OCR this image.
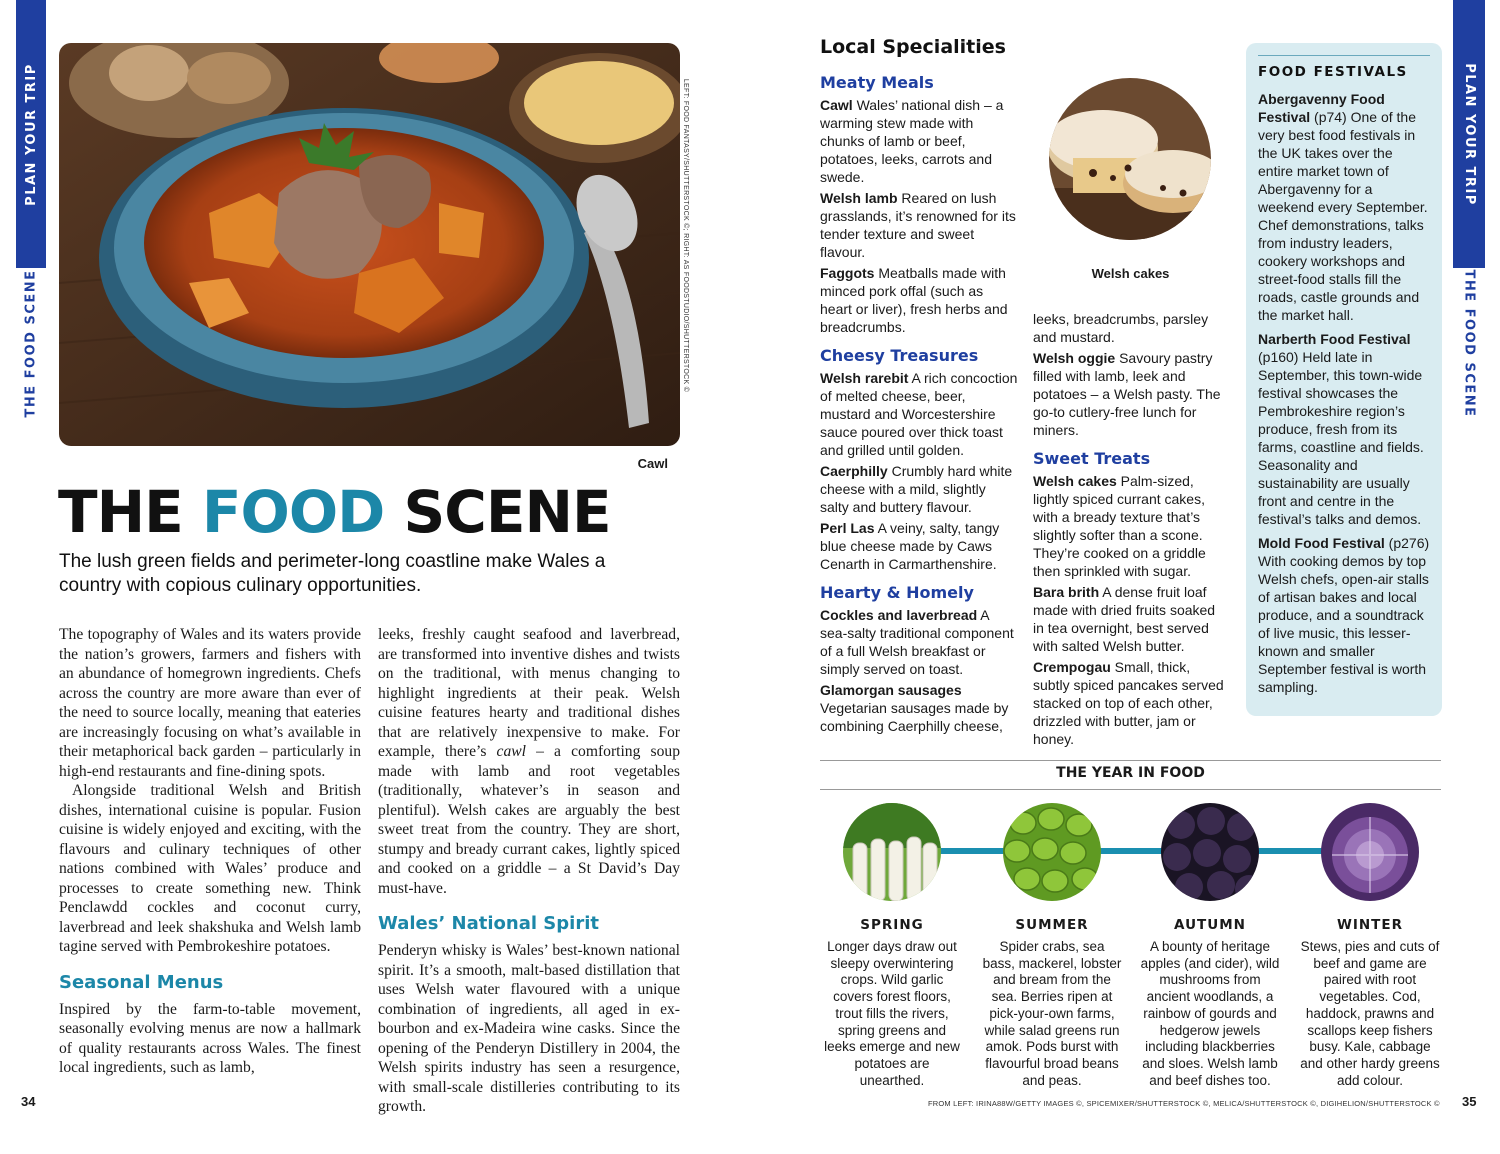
PLAN YOUR TRIP
THE FOOD SCENE
PLAN YOUR TRIP
THE FOOD SCENE
LEFT: FOOD FANTASY/SHUTTERSTOCK ©; RIGHT: AS FOODSTUDIO/SHUTTERSTOCK ©
Cawl
THE FOOD SCENE
The lush green fields and perimeter-long coastline make Wales a country with copious culinary opportunities.

The topography of Wales and its waters provide the nation’s growers, farmers and fishers with an abundance of homegrown ingredients. Chefs across the country are more aware than ever of the need to source locally, meaning that eateries are increasingly focusing on what’s available in their metaphorical back garden – particularly in high-end restaurants and fine-dining spots.

Alongside traditional Welsh and British dishes, international cuisine is popular. Fusion cuisine is widely enjoyed and exciting, with the flavours and culinary techniques of other nations combined with Wales’ produce and processes to create something new. Think Penclawdd cockles and coconut curry, laverbread and leek shakshuka and Welsh lamb tagine served with Pembrokeshire potatoes.

Seasonal Menus

Inspired by the farm-to-table movement, seasonally evolving menus are now a hallmark of quality restaurants across Wales. The finest local ingredients, such as lamb,

leeks, freshly caught seafood and laverbread, are transformed into inventive dishes and twists on the traditional, with menus changing to highlight ingredients at their peak. Welsh cuisine features hearty and traditional dishes that are relatively inexpensive to make. For example, there’s cawl – a comforting soup made with lamb and root vegetables (traditionally, whatever’s in season and plentiful). Welsh cakes are arguably the best sweet treat from the country. They are short, stumpy and bready currant cakes, lightly spiced and cooked on a griddle – a St David’s Day must-have.

Wales’ National Spirit

Penderyn whisky is Wales’ best-known national spirit. It’s a smooth, malt-based distillation that uses Welsh water flavoured with a unique combination of ingredients, all aged in ex-bourbon and ex-Madeira wine casks. Since the opening of the Penderyn Distillery in 2004, the Welsh spirits industry has seen a resurgence, with small-scale distilleries contributing to its growth.

34
Local Specialities
Meaty Meals
Cawl Wales’ national dish – a warming stew made with chunks of lamb or beef, potatoes, leeks, carrots and swede.
Welsh lamb Reared on lush grasslands, it’s renowned for its tender texture and sweet flavour.
Faggots Meatballs made with minced pork offal (such as heart or liver), fresh herbs and breadcrumbs.
Cheesy Treasures
Welsh rarebit A rich concoction of melted cheese, beer, mustard and Worcestershire sauce poured over thick toast and grilled until golden.
Caerphilly Crumbly hard white cheese with a mild, slightly salty and buttery flavour.
Perl Las A veiny, salty, tangy blue cheese made by Caws Cenarth in Carmarthenshire.
Hearty & Homely
Cockles and laverbread A sea-salty traditional component of a full Welsh breakfast or simply served on toast.
Glamorgan sausages Vegetarian sausages made by combining Caerphilly cheese,
Welsh cakes
leeks, breadcrumbs, parsley and mustard.
Welsh oggie Savoury pastry filled with lamb, leek and potatoes – a Welsh pasty. The go-to cutlery-free lunch for miners.
Sweet Treats
Welsh cakes Palm-sized, lightly spiced currant cakes, with a bready texture that’s slightly softer than a scone. They’re cooked on a griddle then sprinkled with sugar.
Bara brith A dense fruit loaf made with dried fruits soaked in tea overnight, best served with salted Welsh butter.
Crempogau Small, thick, subtly spiced pancakes served stacked on top of each other, drizzled with butter, jam or honey.
FOOD FESTIVALS
Abergavenny Food Festival (p74) One of the very best food festivals in the UK takes over the entire market town of Abergavenny for a weekend every September. Chef demonstrations, talks from industry leaders, cookery workshops and street-food stalls fill the roads, castle grounds and the market hall.
Narberth Food Festival (p160) Held late in September, this town-wide festival showcases the Pembrokeshire region’s produce, fresh from its farms, coastline and fields. Seasonality and sustainability are usually front and centre in the festival’s talks and demos.
Mold Food Festival (p276) With cooking demos by top Welsh chefs, open-air stalls of artisan bakes and local produce, and a soundtrack of live music, this lesser-known and smaller September festival is worth sampling.
THE YEAR IN FOOD
SPRING
Longer days draw out sleepy overwintering crops. Wild garlic covers forest floors, trout fills the rivers, spring greens and leeks emerge and new potatoes are unearthed.
SUMMER
Spider crabs, sea bass, mackerel, lobster and bream from the sea. Berries ripen at pick-your-own farms, while salad greens run amok. Pods burst with flavourful broad beans and peas.
AUTUMN
A bounty of heritage apples (and cider), wild mushrooms from ancient woodlands, a rainbow of gourds and hedgerow jewels including blackberries and sloes. Welsh lamb and beef dishes too.
WINTER
Stews, pies and cuts of beef and game are paired with root vegetables. Cod, haddock, prawns and scallops keep fishers busy. Kale, cabbage and other hardy greens add colour.
FROM LEFT: IRINA88W/GETTY IMAGES ©, SPICEMIXER/SHUTTERSTOCK ©, MELICA/SHUTTERSTOCK ©, DIGIHELION/SHUTTERSTOCK © 35
